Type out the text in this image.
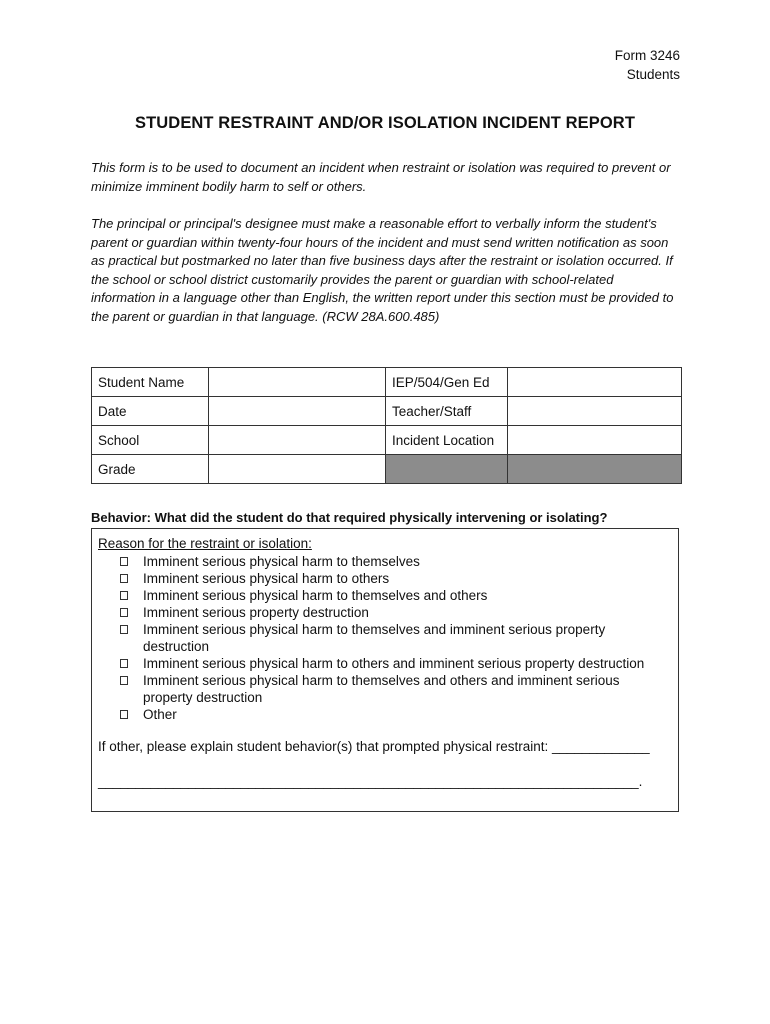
Form 3246
Students
STUDENT RESTRAINT AND/OR ISOLATION INCIDENT REPORT
This form is to be used to document an incident when restraint or isolation was required to prevent or minimize imminent bodily harm to self or others.
The principal or principal's designee must make a reasonable effort to verbally inform the student's parent or guardian within twenty-four hours of the incident and must send written notification as soon as practical but postmarked no later than five business days after the restraint or isolation occurred. If the school or school district customarily provides the parent or guardian with school-related information in a language other than English, the written report under this section must be provided to the parent or guardian in that language. (RCW 28A.600.485)
Student Name		IEP/504/Gen Ed	
Date		Teacher/Staff	
School		Incident Location	
Grade			
Behavior: What did the student do that required physically intervening or isolating?
Reason for the restraint or isolation:
Imminent serious physical harm to themselves
Imminent serious physical harm to others
Imminent serious physical harm to themselves and others
Imminent serious property destruction
Imminent serious physical harm to themselves and imminent serious property destruction
Imminent serious physical harm to others and imminent serious property destruction
Imminent serious physical harm to themselves and others and imminent serious property destruction
Other
If other, please explain student behavior(s) that prompted physical restraint: _____________
________________________________________________________________________.
